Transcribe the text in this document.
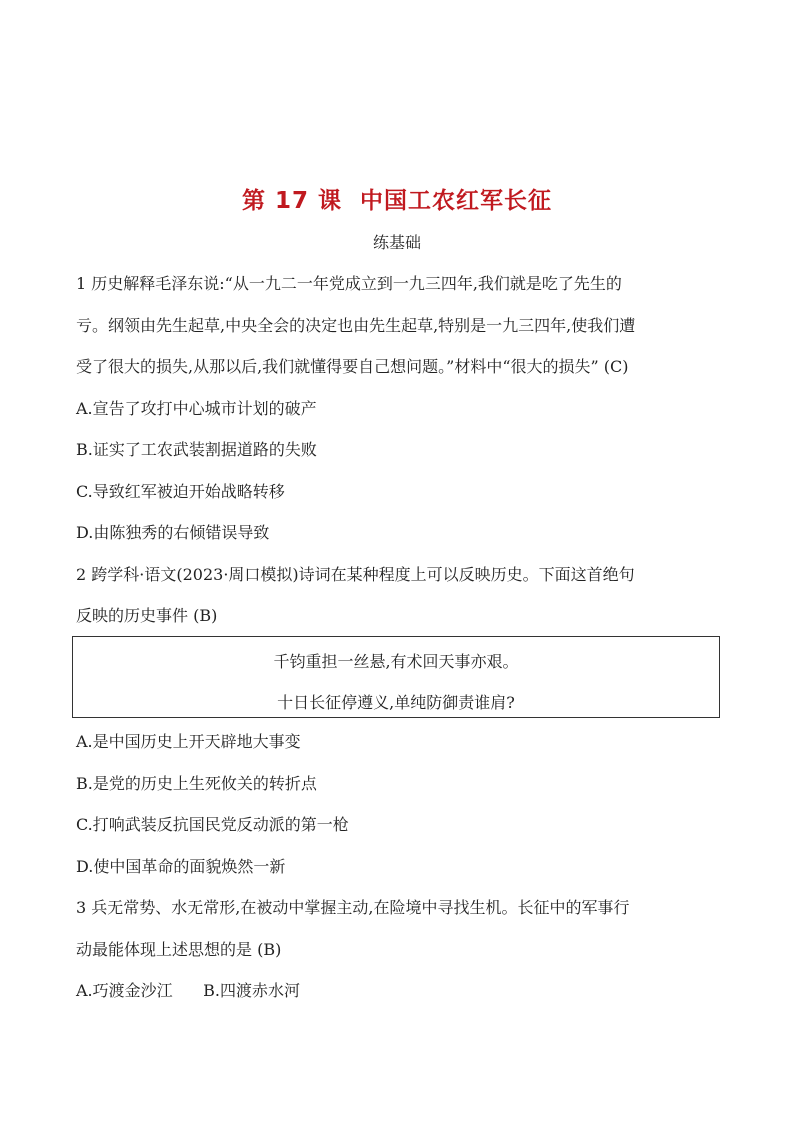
第 17 课 中国工农红军长征
练基础
1 历史解释毛泽东说:“从一九二一年党成立到一九三四年,我们就是吃了先生的
亏。纲领由先生起草,中央全会的决定也由先生起草,特别是一九三四年,使我们遭
受了很大的损失,从那以后,我们就懂得要自己想问题。”材料中“很大的损失” (C)
A.宣告了攻打中心城市计划的破产
B.证实了工农武装割据道路的失败
C.导致红军被迫开始战略转移
D.由陈独秀的右倾错误导致
2 跨学科·语文(2023·周口模拟)诗词在某种程度上可以反映历史。下面这首绝句
反映的历史事件 (B)
千钧重担一丝悬,有术回天事亦艰。
十日长征停遵义,单纯防御责谁肩?
A.是中国历史上开天辟地大事变
B.是党的历史上生死攸关的转折点
C.打响武装反抗国民党反动派的第一枪
D.使中国革命的面貌焕然一新
3 兵无常势、水无常形,在被动中掌握主动,在险境中寻找生机。长征中的军事行
动最能体现上述思想的是 (B)
A.巧渡金沙江      B.四渡赤水河
